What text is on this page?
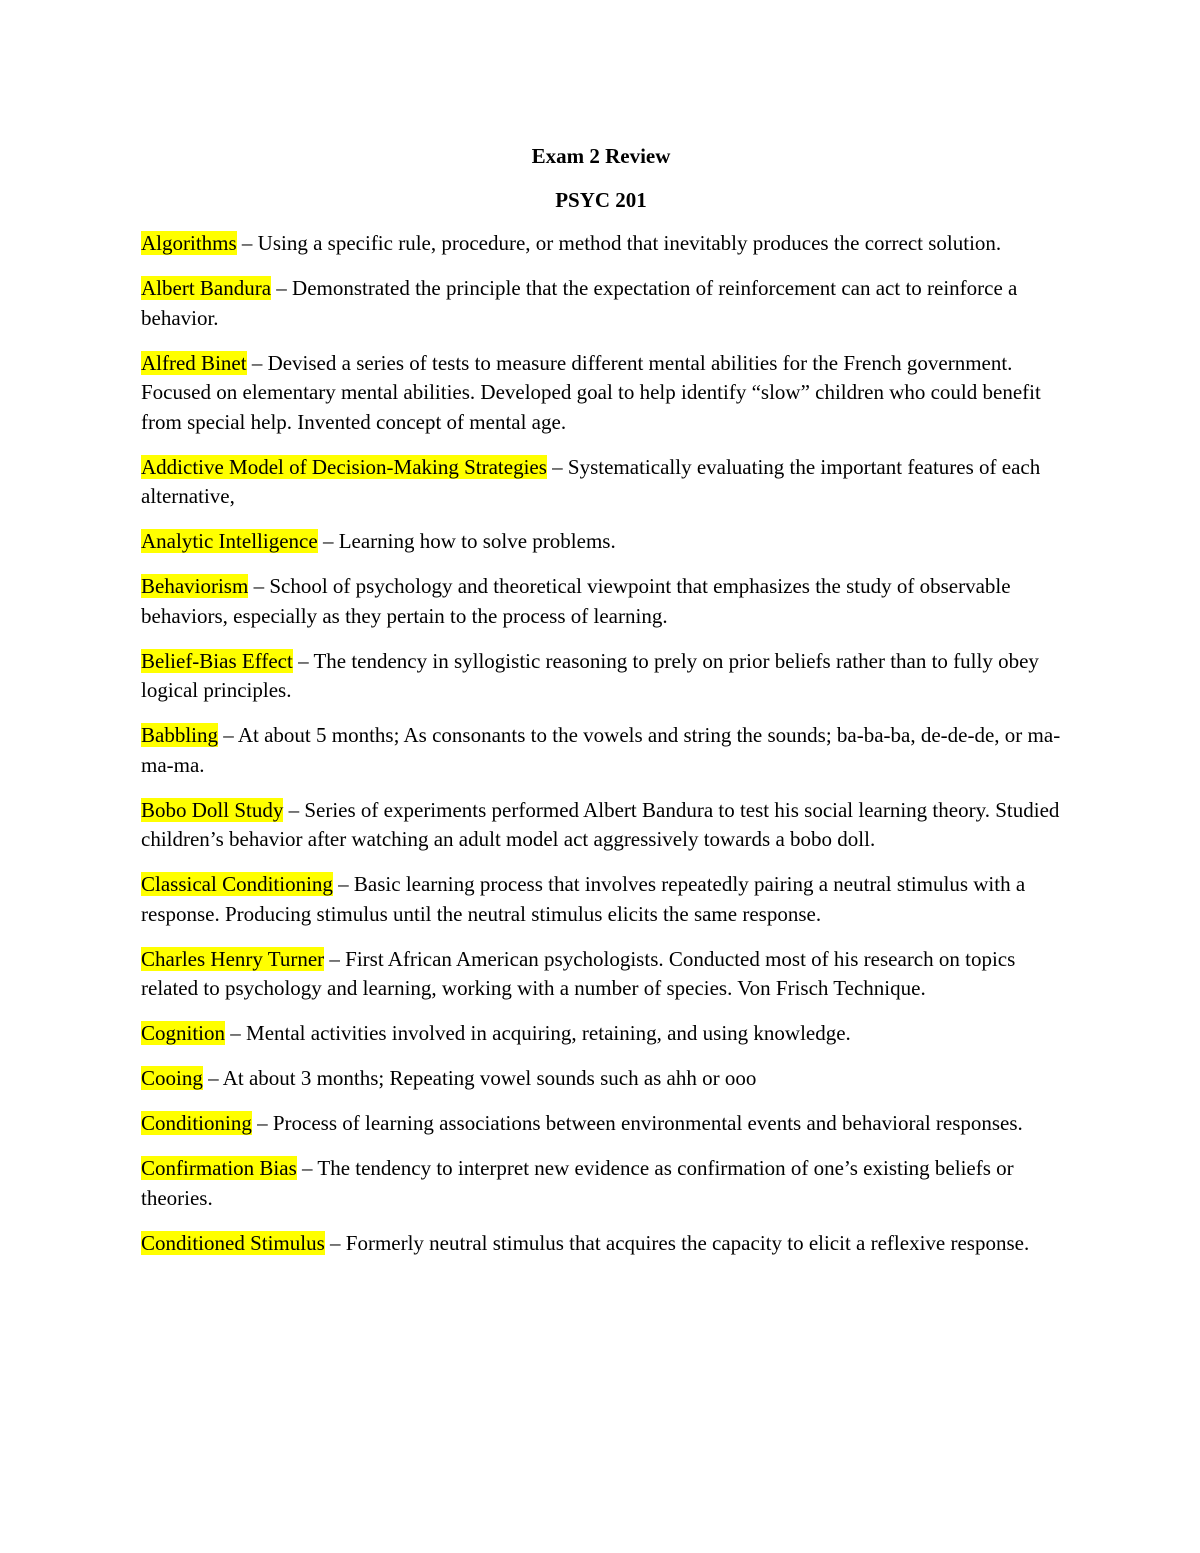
Exam 2 Review
PSYC 201
Algorithms – Using a specific rule, procedure, or method that inevitably produces the correct solution.
Albert Bandura – Demonstrated the principle that the expectation of reinforcement can act to reinforce a behavior.
Alfred Binet – Devised a series of tests to measure different mental abilities for the French government. Focused on elementary mental abilities. Developed goal to help identify “slow” children who could benefit from special help. Invented concept of mental age.
Addictive Model of Decision-Making Strategies – Systematically evaluating the important features of each alternative,
Analytic Intelligence – Learning how to solve problems.
Behaviorism – School of psychology and theoretical viewpoint that emphasizes the study of observable behaviors, especially as they pertain to the process of learning.
Belief-Bias Effect – The tendency in syllogistic reasoning to prely on prior beliefs rather than to fully obey logical principles.
Babbling – At about 5 months; As consonants to the vowels and string the sounds; ba-ba-ba, de-de-de, or ma-ma-ma.
Bobo Doll Study – Series of experiments performed Albert Bandura to test his social learning theory. Studied children’s behavior after watching an adult model act aggressively towards a bobo doll.
Classical Conditioning – Basic learning process that involves repeatedly pairing a neutral stimulus with a response. Producing stimulus until the neutral stimulus elicits the same response.
Charles Henry Turner – First African American psychologists. Conducted most of his research on topics related to psychology and learning, working with a number of species. Von Frisch Technique.
Cognition – Mental activities involved in acquiring, retaining, and using knowledge.
Cooing – At about 3 months; Repeating vowel sounds such as ahh or ooo
Conditioning – Process of learning associations between environmental events and behavioral responses.
Confirmation Bias – The tendency to interpret new evidence as confirmation of one’s existing beliefs or theories.
Conditioned Stimulus – Formerly neutral stimulus that acquires the capacity to elicit a reflexive response.
